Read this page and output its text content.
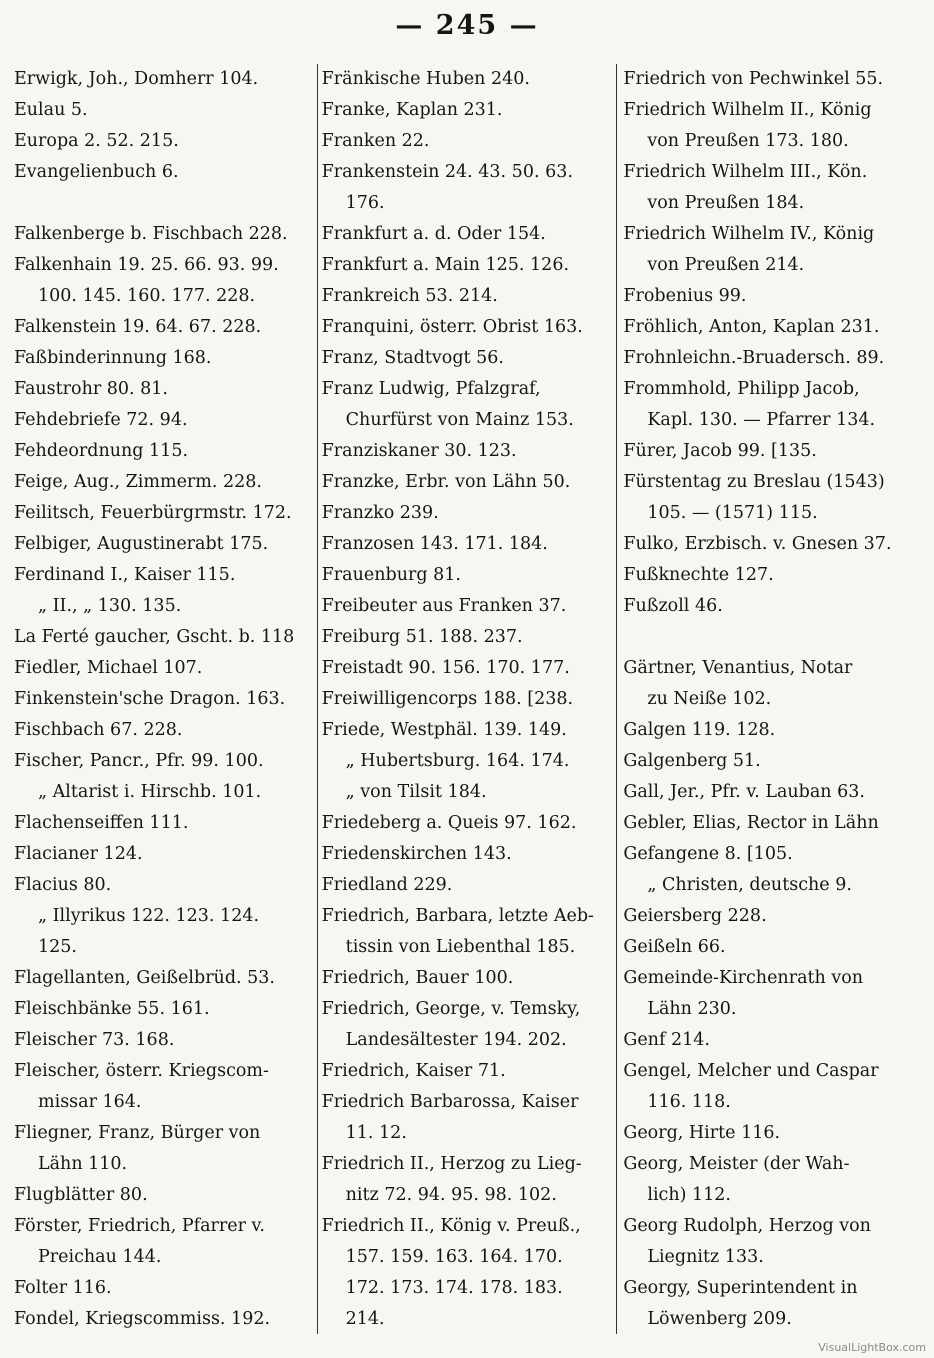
— 245 —
Erwigk, Joh., Domherr 104.
Eulau 5.
Europa 2. 52. 215.
Evangelienbuch 6.
Falkenberge b. Fischbach 228.
Falkenhain 19. 25. 66. 93. 99.
100. 145. 160. 177. 228.
Falkenstein 19. 64. 67. 228.
Faßbinderinnung 168.
Faustrohr 80. 81.
Fehdebriefe 72. 94.
Fehdeordnung 115.
Feige, Aug., Zimmerm. 228.
Feilitsch, Feuerbürgrmstr. 172.
Felbiger, Augustinerabt 175.
Ferdinand I., Kaiser 115.
„ II., „ 130. 135.
La Ferté gaucher, Gscht. b. 118
Fiedler, Michael 107.
Finkenstein'sche Dragon. 163.
Fischbach 67. 228.
Fischer, Pancr., Pfr. 99. 100.
„ Altarist i. Hirschb. 101.
Flachenseiffen 111.
Flacianer 124.
Flacius 80.
„ Illyrikus 122. 123. 124.
125.
Flagellanten, Geißelbrüd. 53.
Fleischbänke 55. 161.
Fleischer 73. 168.
Fleischer, österr. Kriegscom-
missar 164.
Fliegner, Franz, Bürger von
Lähn 110.
Flugblätter 80.
Förster, Friedrich, Pfarrer v.
Preichau 144.
Folter 116.
Fondel, Kriegscommiss. 192.
Fränkische Huben 240.
Franke, Kaplan 231.
Franken 22.
Frankenstein 24. 43. 50. 63.
176.
Frankfurt a. d. Oder 154.
Frankfurt a. Main 125. 126.
Frankreich 53. 214.
Franquini, österr. Obrist 163.
Franz, Stadtvogt 56.
Franz Ludwig, Pfalzgraf,
Churfürst von Mainz 153.
Franziskaner 30. 123.
Franzke, Erbr. von Lähn 50.
Franzko 239.
Franzosen 143. 171. 184.
Frauenburg 81.
Freibeuter aus Franken 37.
Freiburg 51. 188. 237.
Freistadt 90. 156. 170. 177.
Freiwilligencorps 188. [238.
Friede, Westphäl. 139. 149.
„ Hubertsburg. 164. 174.
„ von Tilsit 184.
Friedeberg a. Queis 97. 162.
Friedenskirchen 143.
Friedland 229.
Friedrich, Barbara, letzte Aeb-
tissin von Liebenthal 185.
Friedrich, Bauer 100.
Friedrich, George, v. Temsky,
Landesältester 194. 202.
Friedrich, Kaiser 71.
Friedrich Barbarossa, Kaiser
11. 12.
Friedrich II., Herzog zu Lieg-
nitz 72. 94. 95. 98. 102.
Friedrich II., König v. Preuß.,
157. 159. 163. 164. 170.
172. 173. 174. 178. 183.
214.
Friedrich von Pechwinkel 55.
Friedrich Wilhelm II., König
von Preußen 173. 180.
Friedrich Wilhelm III., Kön.
von Preußen 184.
Friedrich Wilhelm IV., König
von Preußen 214.
Frobenius 99.
Fröhlich, Anton, Kaplan 231.
Frohnleichn.-Bruadersch. 89.
Frommhold, Philipp Jacob,
Kapl. 130. — Pfarrer 134.
Fürer, Jacob 99. [135.
Fürstentag zu Breslau (1543)
105. — (1571) 115.
Fulko, Erzbisch. v. Gnesen 37.
Fußknechte 127.
Fußzoll 46.
Gärtner, Venantius, Notar
zu Neiße 102.
Galgen 119. 128.
Galgenberg 51.
Gall, Jer., Pfr. v. Lauban 63.
Gebler, Elias, Rector in Lähn
Gefangene 8. [105.
„ Christen, deutsche 9.
Geiersberg 228.
Geißeln 66.
Gemeinde-Kirchenrath von
Lähn 230.
Genf 214.
Gengel, Melcher und Caspar
116. 118.
Georg, Hirte 116.
Georg, Meister (der Wah-
lich) 112.
Georg Rudolph, Herzog von
Liegnitz 133.
Georgy, Superintendent in
Löwenberg 209.
VisualLightBox.com
